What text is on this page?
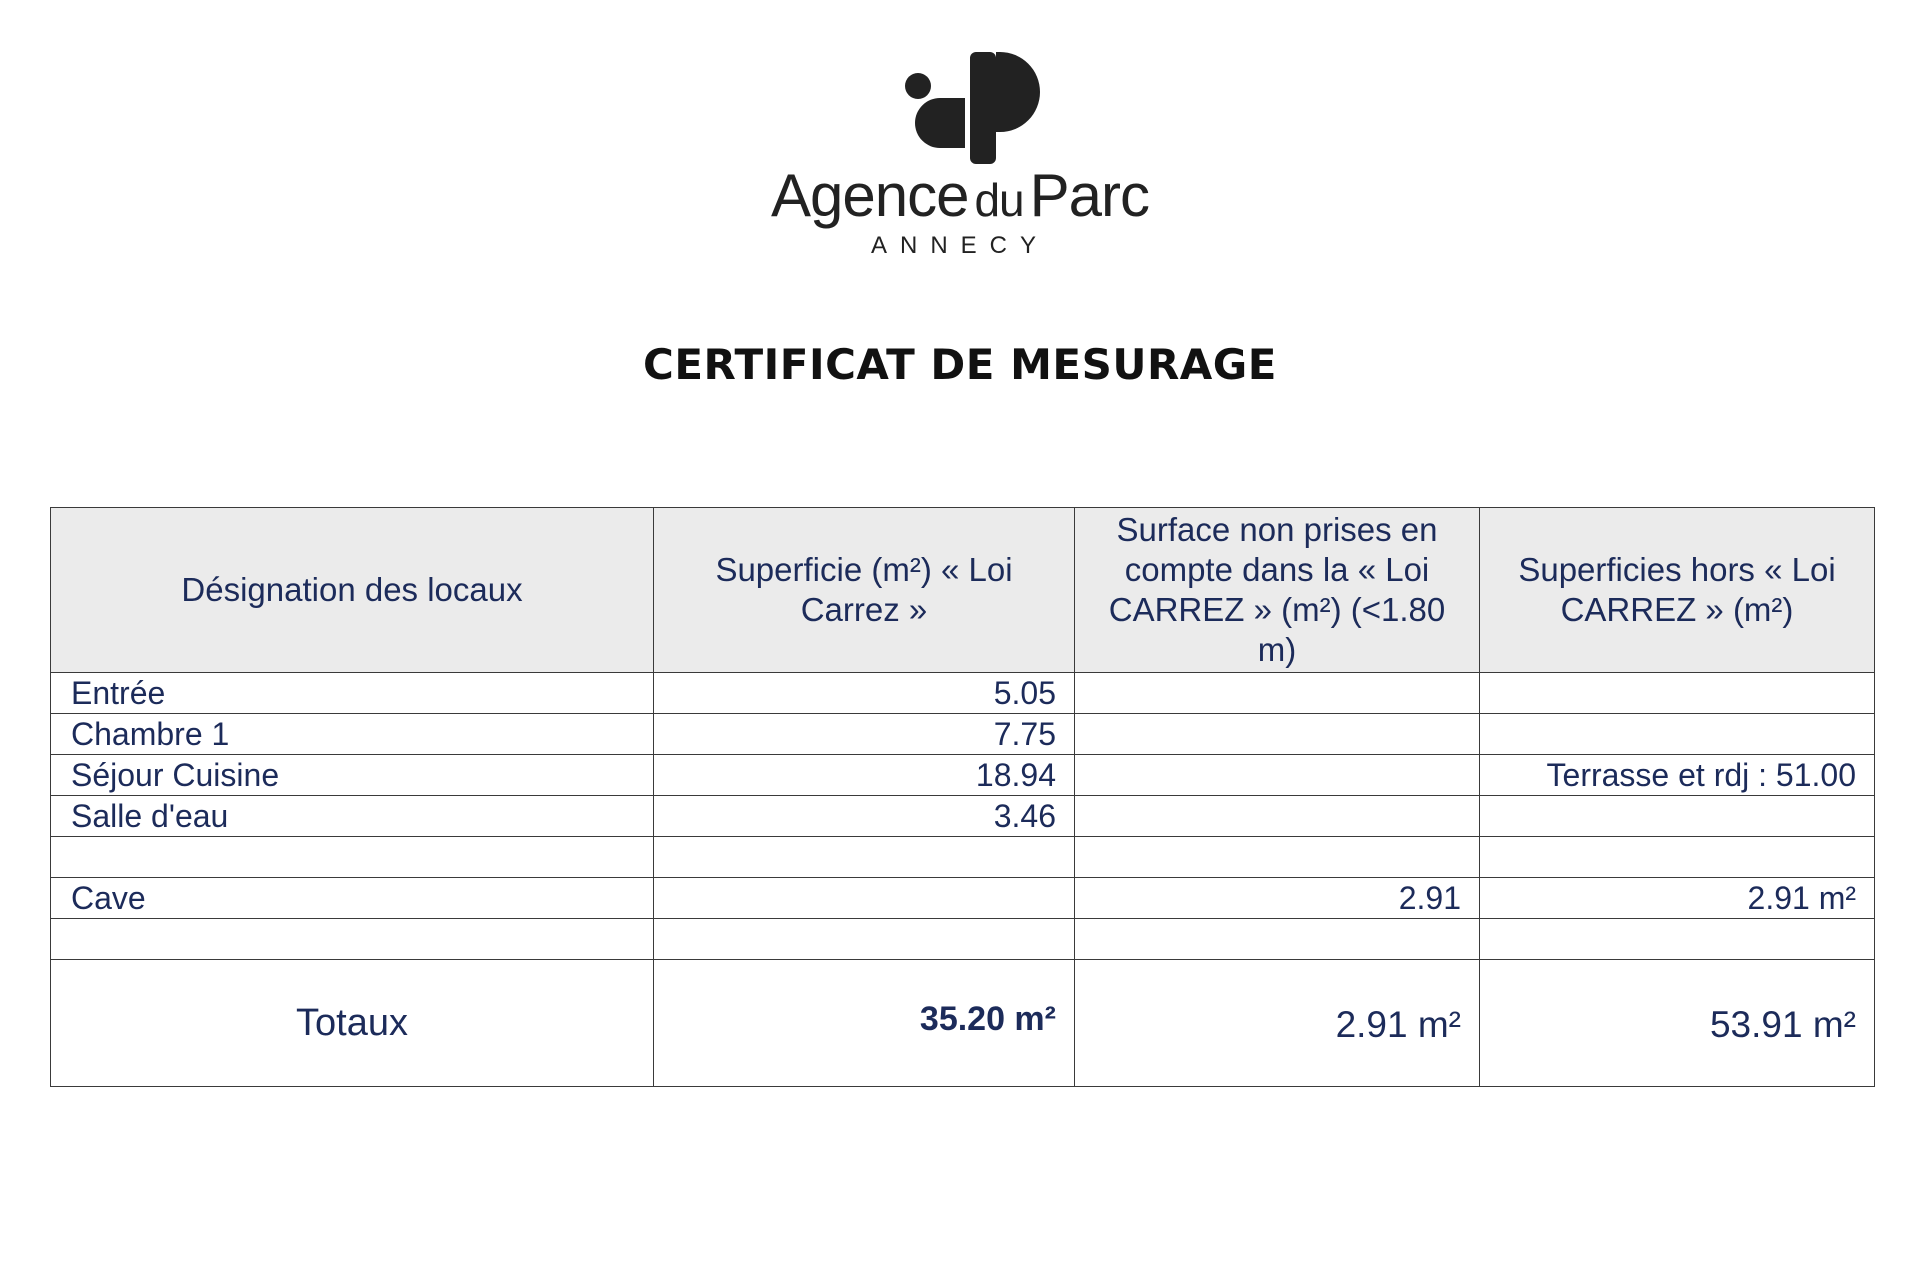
Agence du Parc
ANNECY
CERTIFICAT DE MESURAGE
Désignation des locaux	Superficie (m²) « Loi Carrez »	Surface non prises en compte dans la « Loi CARREZ » (m²) (<1.80 m)	Superficies hors « Loi CARREZ » (m²)
Entrée	5.05		
Chambre 1	7.75		
Séjour Cuisine	18.94		Terrasse et rdj : 51.00
Salle d'eau	3.46		

Cave		2.91	2.91 m²

Totaux	35.20 m²	2.91 m²	53.91 m²
